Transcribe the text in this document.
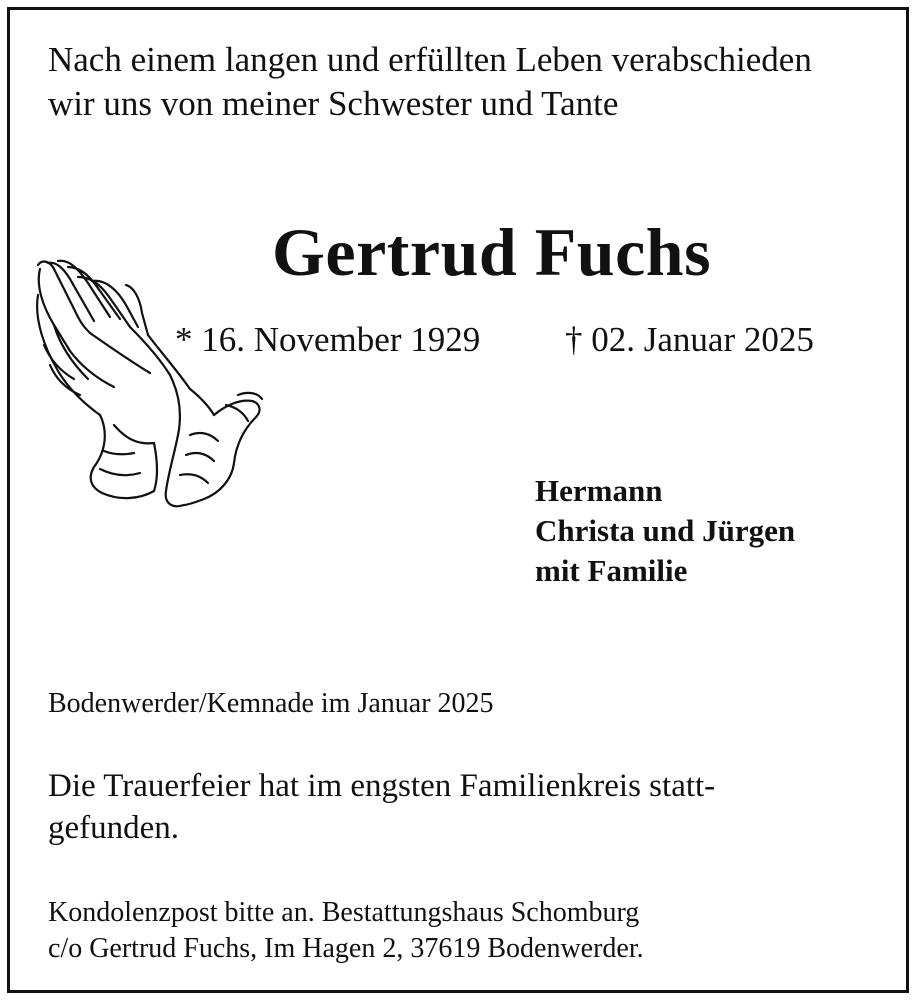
Nach einem langen und erfüllten Leben verabschieden
wir uns von meiner Schwester und Tante
Gertrud Fuchs
* 16. November 1929 † 02. Januar 2025
Hermann
Christa und Jürgen
mit Familie
Bodenwerder/Kemnade im Januar 2025
Die Trauerfeier hat im engsten Familienkreis statt-
gefunden.
Kondolenzpost bitte an. Bestattungshaus Schomburg
c/o Gertrud Fuchs, Im Hagen 2, 37619 Bodenwerder.
